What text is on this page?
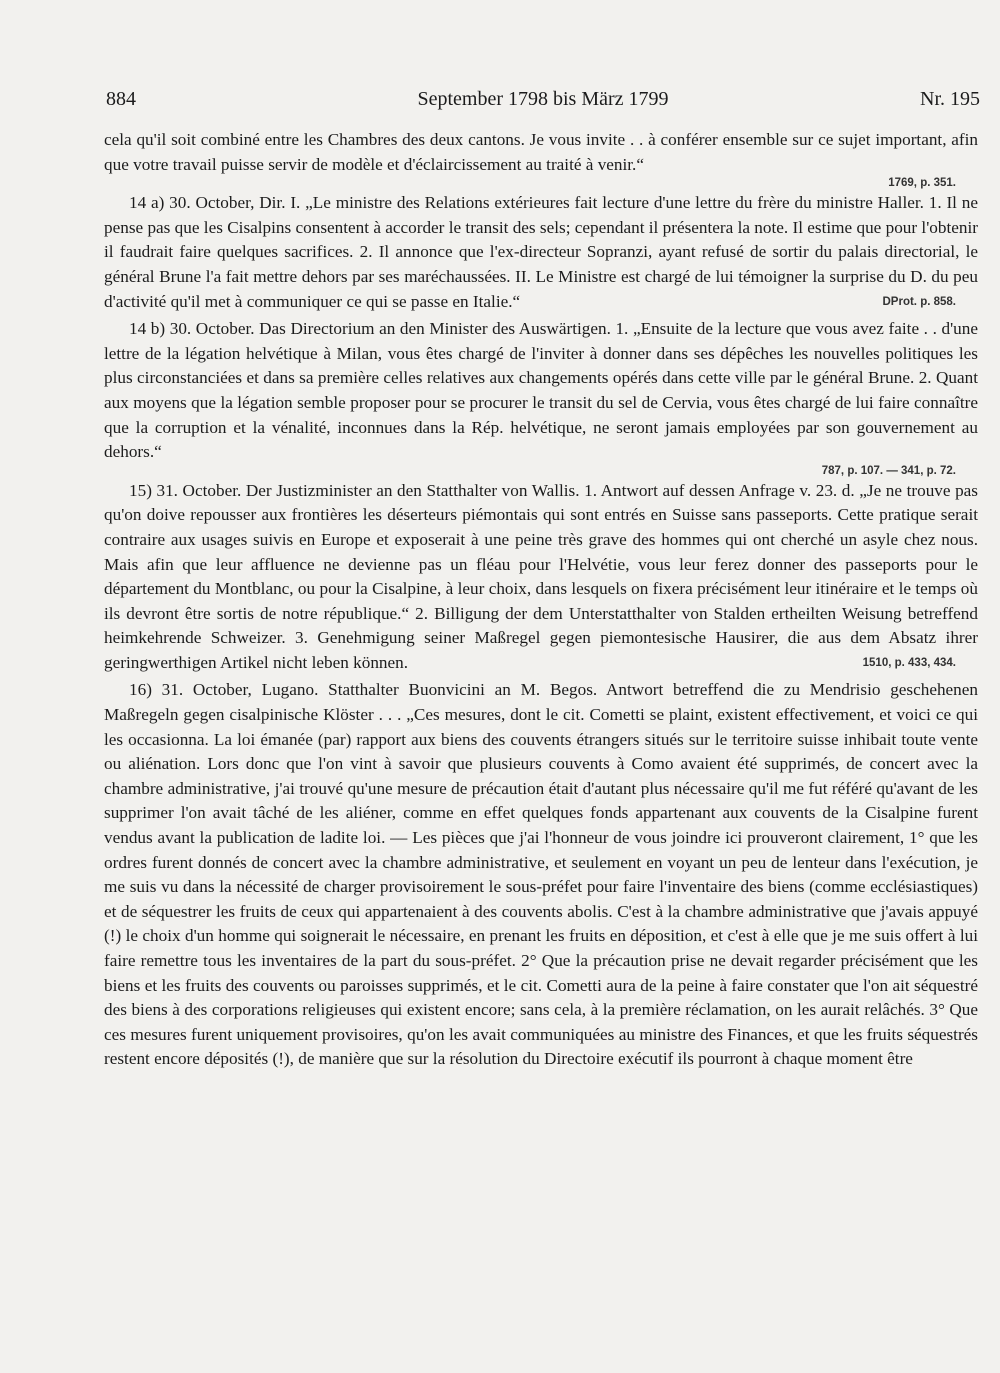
884	September 1798 bis März 1799	Nr. 195

cela qu'il soit combiné entre les Chambres des deux cantons. Je vous invite . . à conférer ensemble sur ce sujet important, afin que votre travail puisse servir de modèle et d'éclaircissement au traité à venir.“

1769, p. 351.

14 a) 30. October, Dir. I. „Le ministre des Relations extérieures fait lecture d'une lettre du frère du ministre Haller. 1. Il ne pense pas que les Cisalpins consentent à accorder le transit des sels; cependant il présentera la note. Il estime que pour l'obtenir il faudrait faire quelques sacrifices. 2. Il annonce que l'ex-directeur Sopranzi, ayant refusé de sortir du palais directorial, le général Brune l'a fait mettre dehors par ses maréchaussées. II. Le Ministre est chargé de lui témoigner la surprise du D. du peu d'activité qu'il met à communiquer ce qui se passe en Italie.“	DProt. p. 858.

14 b) 30. October. Das Directorium an den Minister des Auswärtigen. 1. „Ensuite de la lecture que vous avez faite . . d'une lettre de la légation helvétique à Milan, vous êtes chargé de l'inviter à donner dans ses dépêches les nouvelles politiques les plus circonstanciées et dans sa première celles relatives aux changements opérés dans cette ville par le général Brune. 2. Quant aux moyens que la légation semble proposer pour se procurer le transit du sel de Cervia, vous êtes chargé de lui faire connaître que la corruption et la vénalité, inconnues dans la Rép. helvétique, ne seront jamais employées par son gouvernement au dehors.“

787, p. 107. — 341, p. 72.

15) 31. October. Der Justizminister an den Statthalter von Wallis. 1. Antwort auf dessen Anfrage v. 23. d. „Je ne trouve pas qu'on doive repousser aux frontières les déserteurs piémontais qui sont entrés en Suisse sans passeports. Cette pratique serait contraire aux usages suivis en Europe et exposerait à une peine très grave des hommes qui ont cherché un asyle chez nous. Mais afin que leur affluence ne devienne pas un fléau pour l'Helvétie, vous leur ferez donner des passeports pour le département du Montblanc, ou pour la Cisalpine, à leur choix, dans lesquels on fixera précisément leur itinéraire et le temps où ils devront être sortis de notre république.“ 2. Billigung der dem Unterstatthalter von Stalden ertheilten Weisung betreffend heimkehrende Schweizer. 3. Genehmigung seiner Maßregel gegen piemontesische Hausirer, die aus dem Absatz ihrer geringwerthigen Artikel nicht leben können.	1510, p. 433, 434.

16) 31. October, Lugano. Statthalter Buonvicini an M. Begos. Antwort betreffend die zu Mendrisio geschehenen Maßregeln gegen cisalpinische Klöster . . . „Ces mesures, dont le cit. Cometti se plaint, existent effectivement, et voici ce qui les occasionna. La loi émanée (par) rapport aux biens des couvents étrangers situés sur le territoire suisse inhibait toute vente ou aliénation. Lors donc que l'on vint à savoir que plusieurs couvents à Como avaient été supprimés, de concert avec la chambre administrative, j'ai trouvé qu'une mesure de précaution était d'autant plus nécessaire qu'il me fut référé qu'avant de les supprimer l'on avait tâché de les aliéner, comme en effet quelques fonds appartenant aux couvents de la Cisalpine furent vendus avant la publication de ladite loi. — Les pièces que j'ai l'honneur de vous joindre ici prouveront clairement, 1° que les ordres furent donnés de concert avec la chambre administrative, et seulement en voyant un peu de lenteur dans l'exécution, je me suis vu dans la nécessité de charger provisoirement le sous-préfet pour faire l'inventaire des biens (comme ecclésiastiques) et de séquestrer les fruits de ceux qui appartenaient à des couvents abolis. C'est à la chambre administrative que j'avais appuyé (!) le choix d'un homme qui soignerait le nécessaire, en prenant les fruits en déposition, et c'est à elle que je me suis offert à lui faire remettre tous les inventaires de la part du sous-préfet. 2° Que la précaution prise ne devait regarder précisément que les biens et les fruits des couvents ou paroisses supprimés, et le cit. Cometti aura de la peine à faire constater que l'on ait séquestré des biens à des corporations religieuses qui existent encore; sans cela, à la première réclamation, on les aurait relâchés. 3° Que ces mesures furent uniquement provisoires, qu'on les avait communiquées au ministre des Finances, et que les fruits séquestrés restent encore déposités (!), de manière que sur la résolution du Directoire exécutif ils pourront à chaque moment être
